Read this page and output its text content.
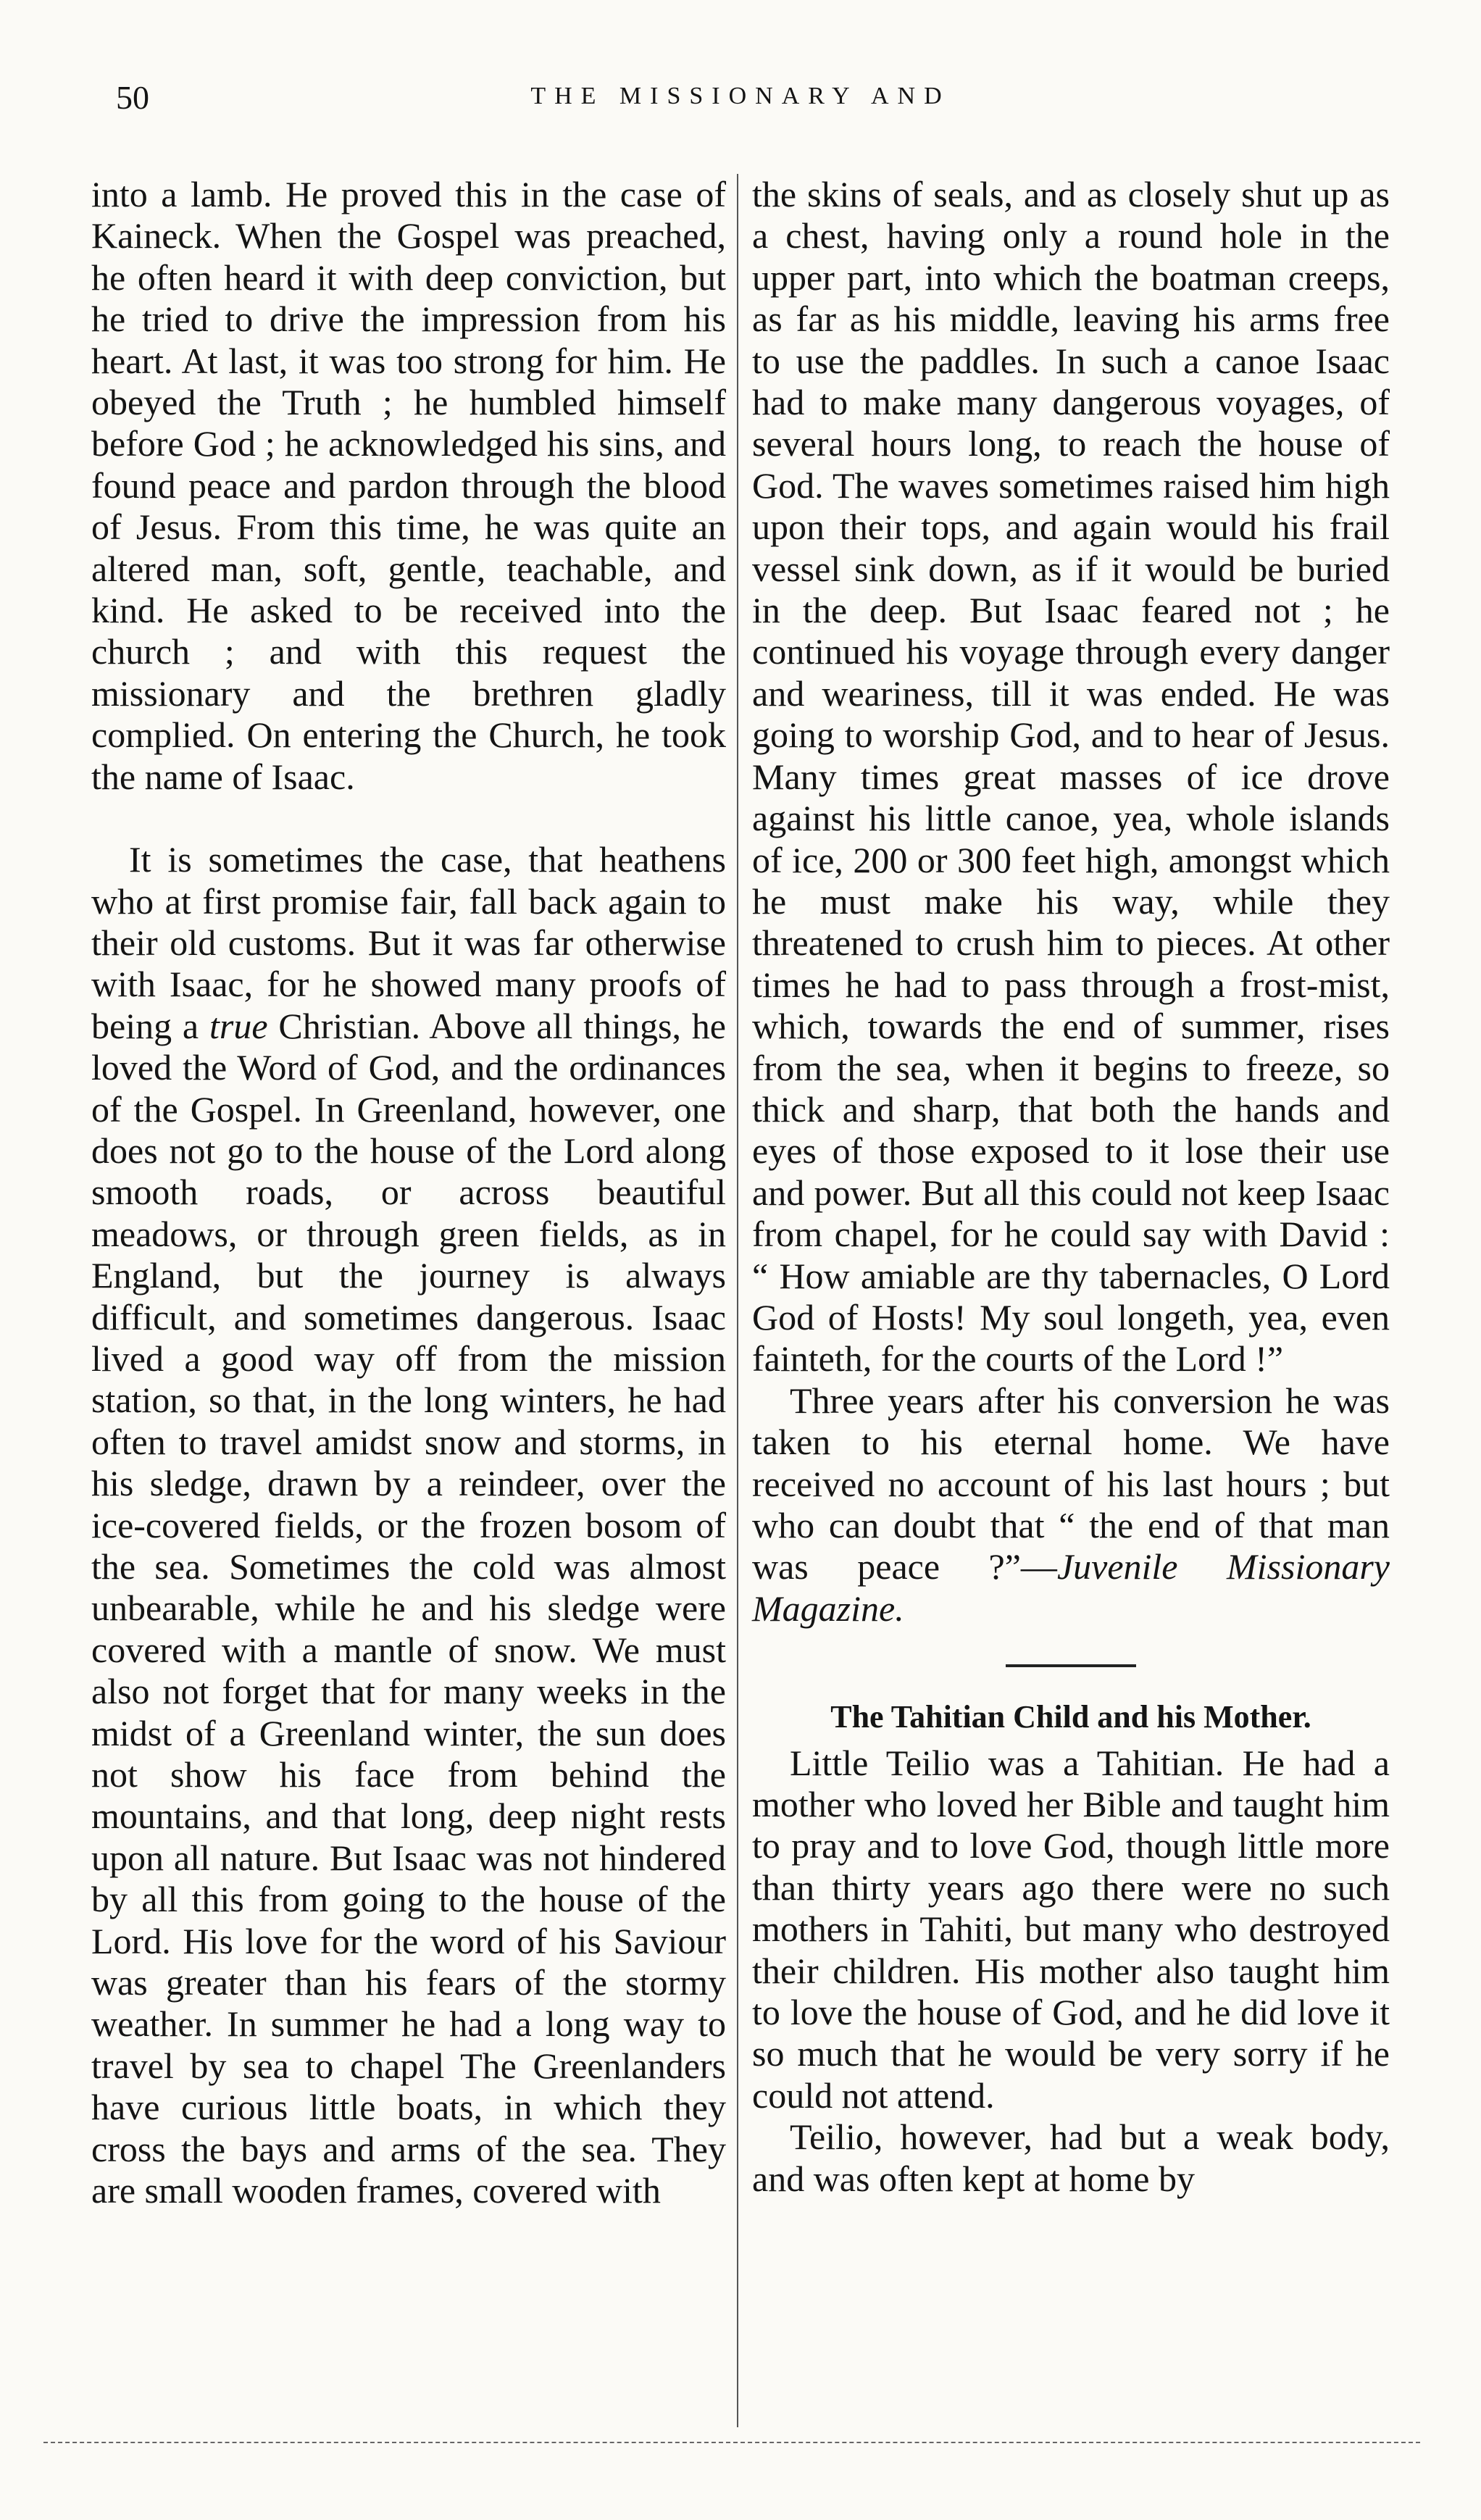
50	THE MISSIONARY AND

into a lamb. He proved this in the case of Kaineck. When the Gospel was preached, he often heard it with deep conviction, but he tried to drive the impression from his heart. At last, it was too strong for him. He obeyed the Truth ; he humbled himself before God ; he acknowledged his sins, and found peace and pardon through the blood of Jesus. From this time, he was quite an altered man, soft, gentle, teachable, and kind. He asked to be received into the church ; and with this request the missionary and the brethren gladly complied. On entering the Church, he took the name of Isaac.

It is sometimes the case, that heathens who at first promise fair, fall back again to their old customs. But it was far otherwise with Isaac, for he showed many proofs of being a true Christian. Above all things, he loved the Word of God, and the ordinances of the Gospel. In Greenland, however, one does not go to the house of the Lord along smooth roads, or across beautiful meadows, or through green fields, as in England, but the journey is always difficult, and sometimes dangerous. Isaac lived a good way off from the mission station, so that, in the long winters, he had often to travel amidst snow and storms, in his sledge, drawn by a reindeer, over the ice-covered fields, or the frozen bosom of the sea. Sometimes the cold was almost unbearable, while he and his sledge were covered with a mantle of snow. We must also not forget that for many weeks in the midst of a Greenland winter, the sun does not show his face from behind the mountains, and that long, deep night rests upon all nature. But Isaac was not hindered by all this from going to the house of the Lord. His love for the word of his Saviour was greater than his fears of the stormy weather. In summer he had a long way to travel by sea to chapel The Greenlanders have curious little boats, in which they cross the bays and arms of the sea. They are small wooden frames, covered with

the skins of seals, and as closely shut up as a chest, having only a round hole in the upper part, into which the boatman creeps, as far as his middle, leaving his arms free to use the paddles. In such a canoe Isaac had to make many dangerous voyages, of several hours long, to reach the house of God. The waves sometimes raised him high upon their tops, and again would his frail vessel sink down, as if it would be buried in the deep. But Isaac feared not ; he continued his voyage through every danger and weariness, till it was ended. He was going to worship God, and to hear of Jesus. Many times great masses of ice drove against his little canoe, yea, whole islands of ice, 200 or 300 feet high, amongst which he must make his way, while they threatened to crush him to pieces. At other times he had to pass through a frost-mist, which, towards the end of summer, rises from the sea, when it begins to freeze, so thick and sharp, that both the hands and eyes of those exposed to it lose their use and power. But all this could not keep Isaac from chapel, for he could say with David : “ How amiable are thy tabernacles, O Lord God of Hosts! My soul longeth, yea, even fainteth, for the courts of the Lord !”

Three years after his conversion he was taken to his eternal home. We have received no account of his last hours ; but who can doubt that “ the end of that man was peace ?”—Juvenile Missionary Magazine.

The Tahitian Child and his Mother.

Little Teilio was a Tahitian. He had a mother who loved her Bible and taught him to pray and to love God, though little more than thirty years ago there were no such mothers in Tahiti, but many who destroyed their children. His mother also taught him to love the house of God, and he did love it so much that he would be very sorry if he could not attend.

Teilio, however, had but a weak body, and was often kept at home by
